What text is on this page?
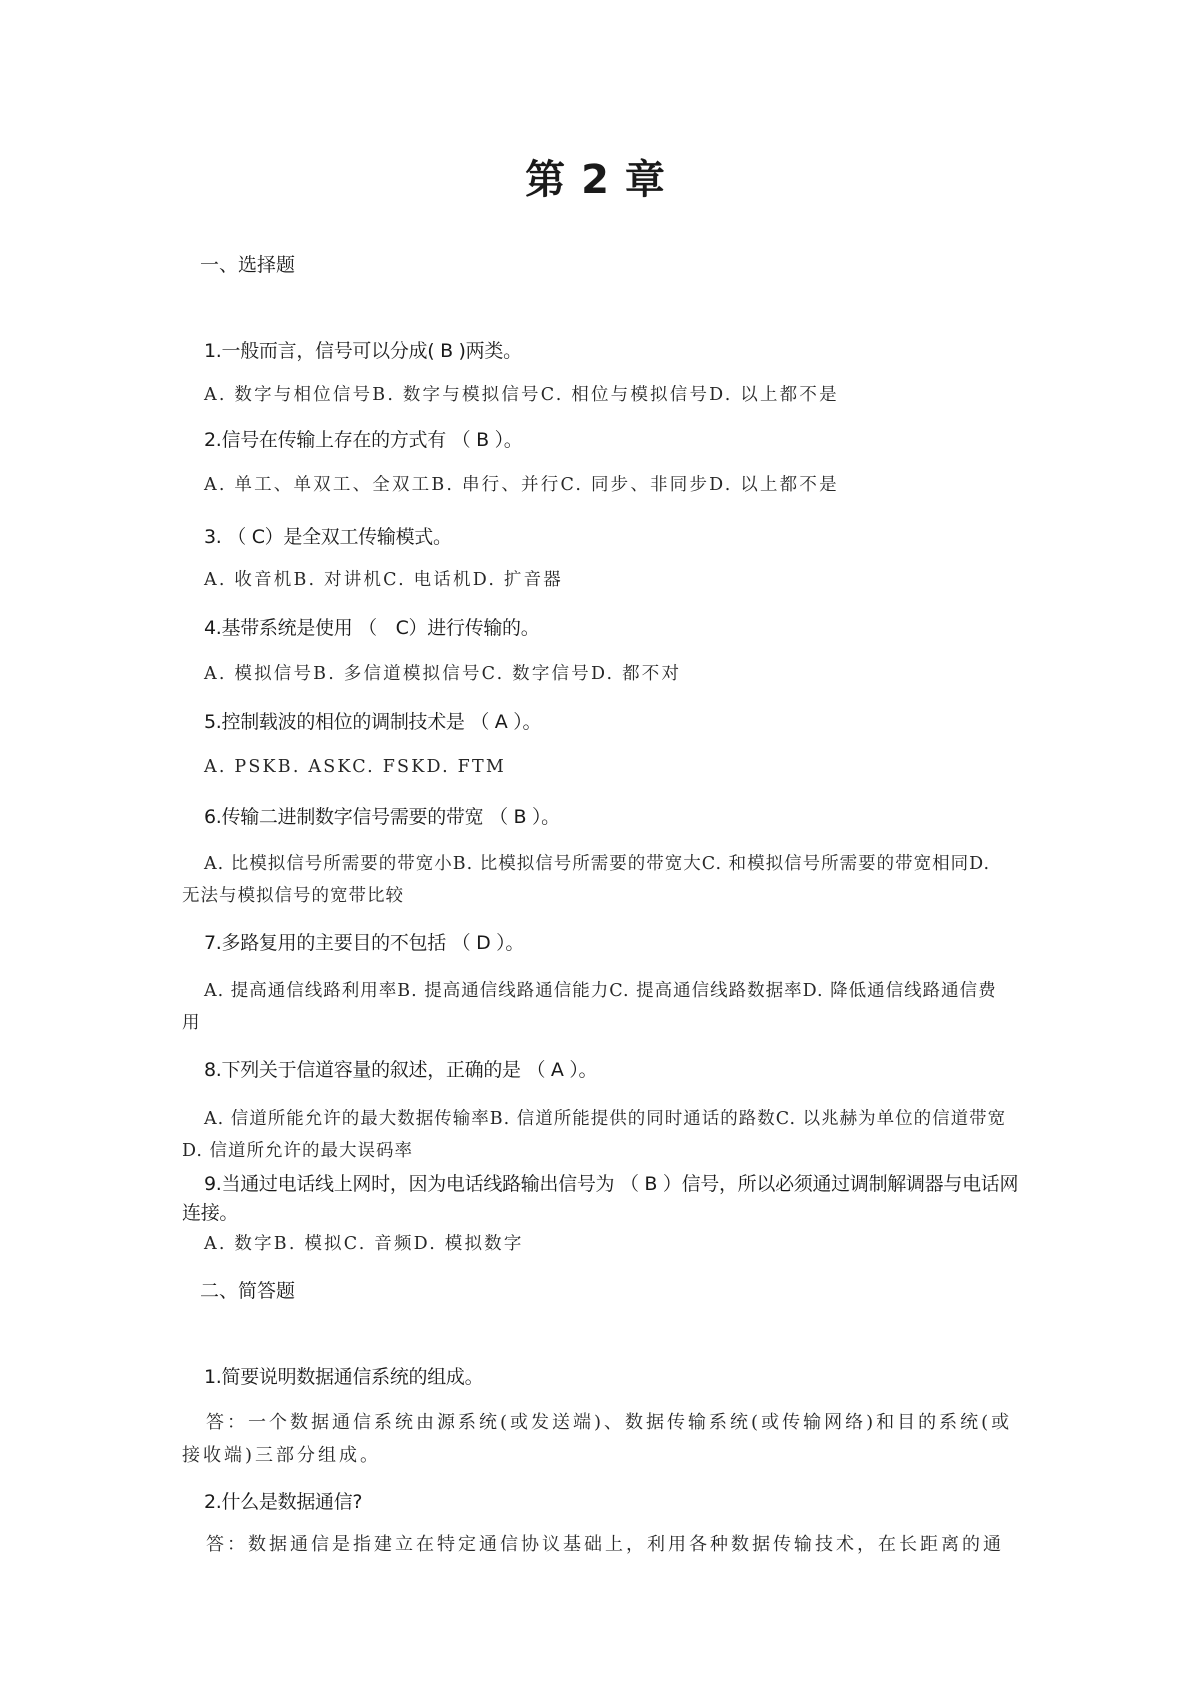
第 2 章
一、选择题
1.一般而言，信号可以分成( B )两类。
A. 数字与相位信号B. 数字与模拟信号C. 相位与模拟信号D. 以上都不是
2.信号在传输上存在的方式有 （ B ）。
A. 单工、单双工、全双工B. 串行、并行C. 同步、非同步D. 以上都不是
3. （ C）是全双工传输模式。
A. 收音机B. 对讲机C. 电话机D. 扩音器
4.基带系统是使用 （　C）进行传输的。
A. 模拟信号B. 多信道模拟信号C. 数字信号D. 都不对
5.控制载波的相位的调制技术是 （ A ）。
A. PSKB. ASKC. FSKD. FTM
6.传输二进制数字信号需要的带宽 （ B ）。
A. 比模拟信号所需要的带宽小B. 比模拟信号所需要的带宽大C. 和模拟信号所需要的带宽相同D. 无法与模拟信号的宽带比较
7.多路复用的主要目的不包括 （ D ）。
A. 提高通信线路利用率B. 提高通信线路通信能力C. 提高通信线路数据率D. 降低通信线路通信费用
8.下列关于信道容量的叙述，正确的是 （ A ）。
A. 信道所能允许的最大数据传输率B. 信道所能提供的同时通话的路数C. 以兆赫为单位的信道带宽D. 信道所允许的最大误码率
9.当通过电话线上网时，因为电话线路输出信号为 （ B ）信号，所以必须通过调制解调器与电话网连接。
A. 数字B. 模拟C. 音频D. 模拟数字
二、简答题
1.简要说明数据通信系统的组成。
答：一个数据通信系统由源系统(或发送端)、数据传输系统(或传输网络)和目的系统(或接收端)三部分组成。
2.什么是数据通信?
答：数据通信是指建立在特定通信协议基础上，利用各种数据传输技术，在长距离的通
